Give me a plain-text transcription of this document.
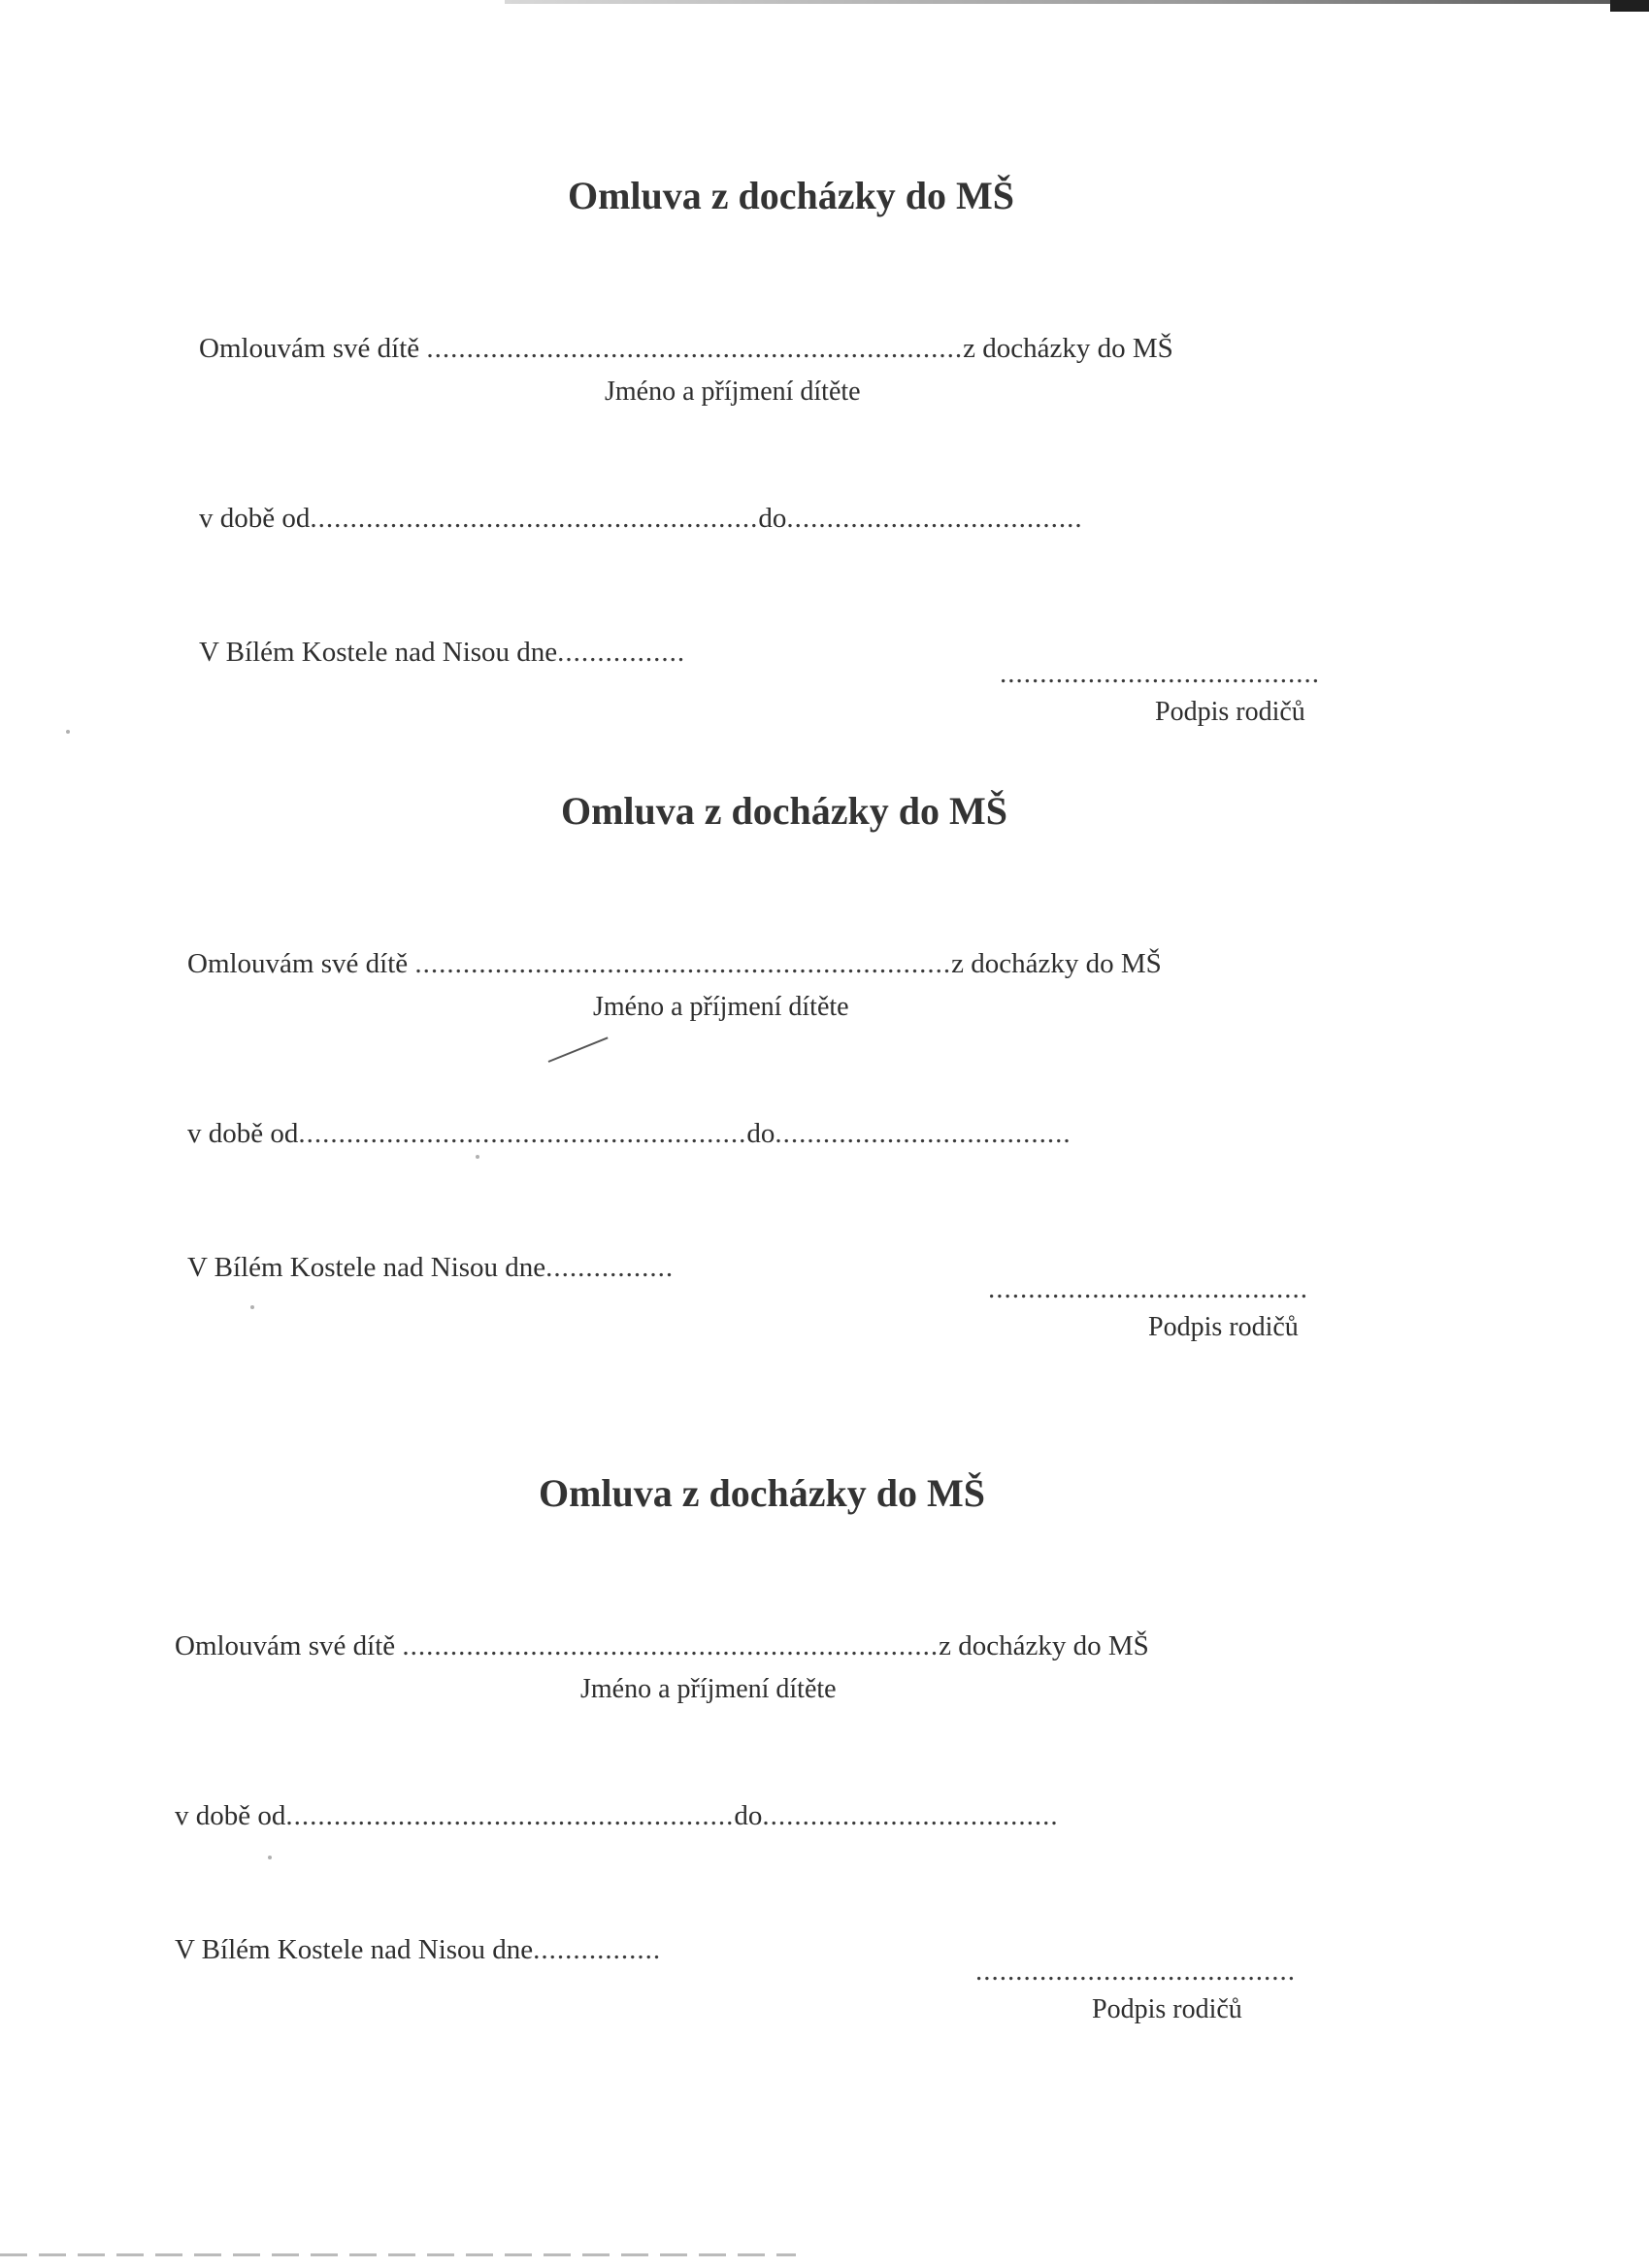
Omluva z docházky do MŠ
Omlouvám své dítě .....	z docházky do MŠ
Jméno a příjmení dítěte
v době od .....	do .....
V Bílém Kostele nad Nisou dne .....
.....
Podpis rodičů
Omluva z docházky do MŠ
Omlouvám své dítě .....	z docházky do MŠ
Jméno a příjmení dítěte
v době od .....	do .....
V Bílém Kostele nad Nisou dne .....
.....
Podpis rodičů
Omluva z docházky do MŠ
Omlouvám své dítě .....	z docházky do MŠ
Jméno a příjmení dítěte
v době od .....	do .....
V Bílém Kostele nad Nisou dne .....
.....
Podpis rodičů
